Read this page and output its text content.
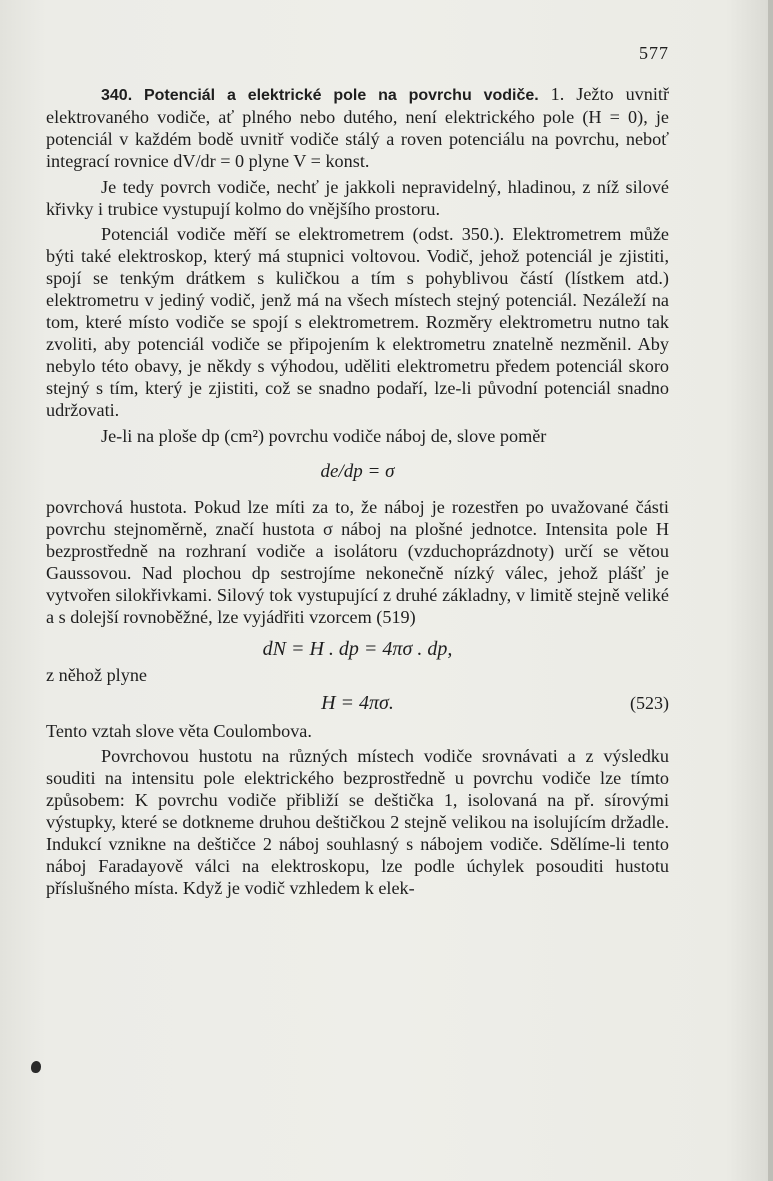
577

340. Potenciál a elektrické pole na povrchu vodiče. 1. Ježto uvnitř elektrovaného vodiče, ať plného nebo dutého, není elektrického pole (H = 0), je potenciál v každém bodě uvnitř vodiče stálý a roven potenciálu na povrchu, neboť integrací rovnice dV/dr = 0 plyne V = konst.

Je tedy povrch vodiče, nechť je jakkoli nepravidelný, hladinou, z níž silové křivky i trubice vystupují kolmo do vnějšího prostoru.

Potenciál vodiče měří se elektrometrem (odst. 350.). Elektrometrem může býti také elektroskop, který má stupnici voltovou. Vodič, jehož potenciál je zjistiti, spojí se tenkým drátkem s kuličkou a tím s pohyblivou částí (lístkem atd.) elektrometru v jediný vodič, jenž má na všech místech stejný potenciál. Nezáleží na tom, které místo vodiče se spojí s elektrometrem. Rozměry elektrometru nutno tak zvoliti, aby potenciál vodiče se připojením k elektrometru znatelně nezměnil. Aby nebylo této obavy, je někdy s výhodou, uděliti elektrometru předem potenciál skoro stejný s tím, který je zjistiti, což se snadno podaří, lze-li původní potenciál snadno udržovati.

Je-li na ploše dp (cm²) povrchu vodiče náboj de, slove poměr

de/dp = σ

povrchová hustota. Pokud lze míti za to, že náboj je rozestřen po uvažované části povrchu stejnoměrně, značí hustota σ náboj na plošné jednotce. Intensita pole H bezprostředně na rozhraní vodiče a isolátoru (vzduchoprázdnoty) určí se větou Gaussovou. Nad plochou dp sestrojíme nekonečně nízký válec, jehož plášť je vytvořen silokřivkami. Silový tok vystupující z druhé základny, v limitě stejně veliké a s dolejší rovnoběžné, lze vyjádřiti vzorcem (519)

dN = H . dp = 4πσ . dp,

z něhož plyne

H = 4πσ.	(523)

Tento vztah slove věta Coulombova.

Povrchovou hustotu na různých místech vodiče srovnávati a z výsledku souditi na intensitu pole elektrického bezprostředně u povrchu vodiče lze tímto způsobem: K povrchu vodiče přibliží se deštička 1, isolovaná na př. sírovými výstupky, které se dotkneme druhou deštičkou 2 stejně velikou na isolujícím držadle. Indukcí vznikne na deštičce 2 náboj souhlasný s nábojem vodiče. Sdělíme-li tento náboj Faradayově válci na elektroskopu, lze podle úchylek posouditi hustotu příslušného místa. Když je vodič vzhledem k elek-
